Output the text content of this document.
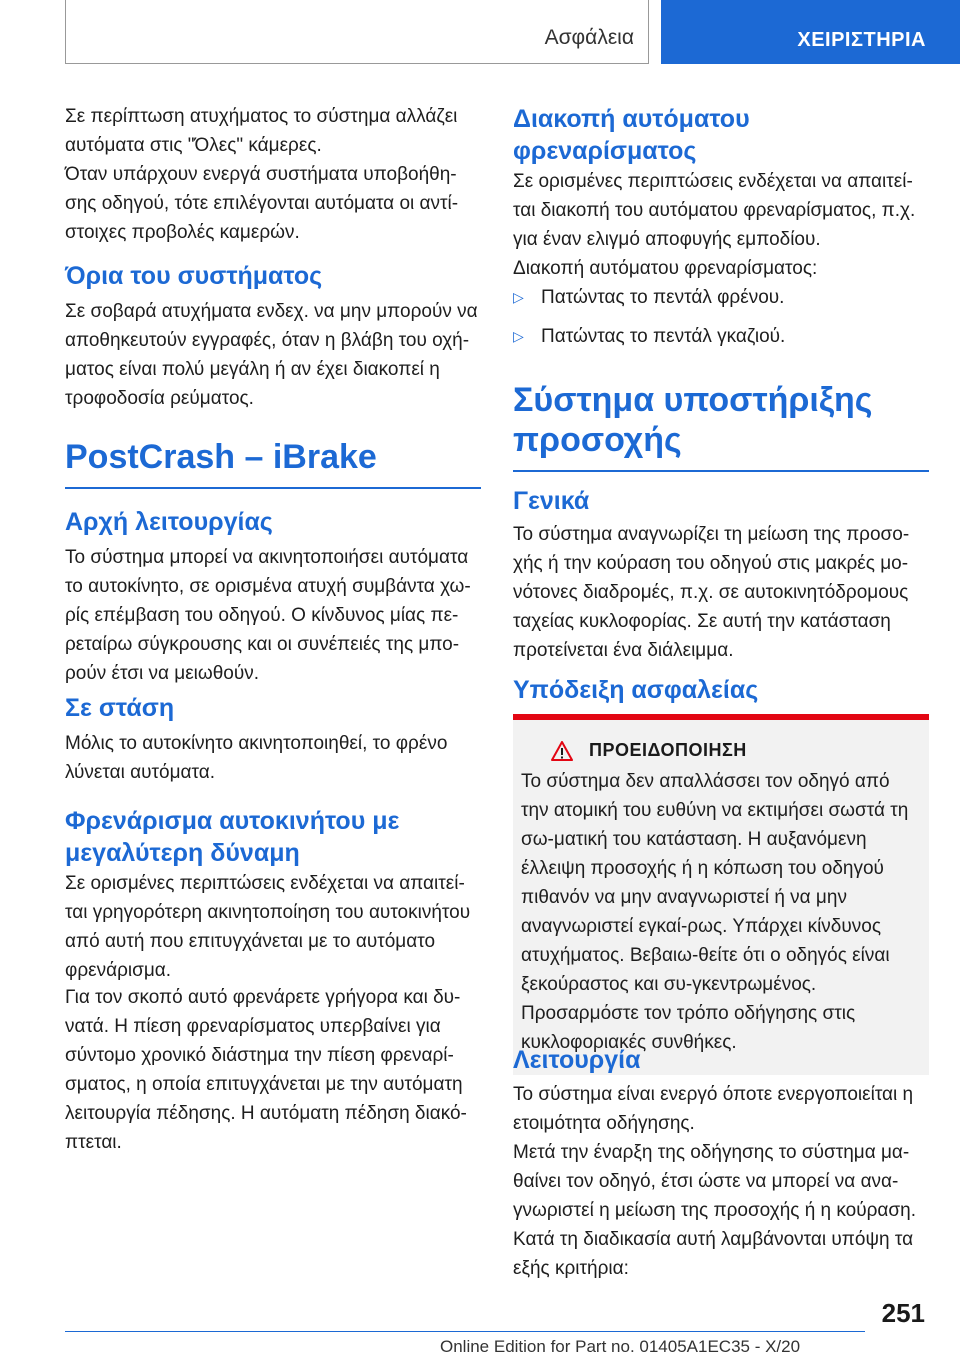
Ασφάλεια	ΧΕΙΡΙΣΤΗΡΙΑ

Σε περίπτωση ατυχήματος το σύστημα αλλάζει αυτόματα στις "Όλες" κάμερες.

Όταν υπάρχουν ενεργά συστήματα υποβοήθη-σης οδηγού, τότε επιλέγονται αυτόματα οι αντί-στοιχες προβολές καμερών.

Όρια του συστήματος

Σε σοβαρά ατυχήματα ενδεχ. να μην μπορούν να αποθηκευτούν εγγραφές, όταν η βλάβη του οχή-ματος είναι πολύ μεγάλη ή αν έχει διακοπεί η τροφοδοσία ρεύματος.

PostCrash – iBrake
Αρχή λειτουργίας

Το σύστημα μπορεί να ακινητοποιήσει αυτόματα το αυτοκίνητο, σε ορισμένα ατυχή συμβάντα χω-ρίς επέμβαση του οδηγού. Ο κίνδυνος μίας πε-ρεταίρω σύγκρουσης και οι συνέπειές της μπο-ρούν έτσι να μειωθούν.

Σε στάση

Μόλις το αυτοκίνητο ακινητοποιηθεί, το φρένο λύνεται αυτόματα.

Φρενάρισμα αυτοκινήτου με μεγαλύτερη δύναμη

Σε ορισμένες περιπτώσεις ενδέχεται να απαιτεί-ται γρηγορότερη ακινητοποίηση του αυτοκινήτου από αυτή που επιτυγχάνεται με το αυτόματο φρενάρισμα.

Για τον σκοπό αυτό φρενάρετε γρήγορα και δυ-νατά. Η πίεση φρεναρίσματος υπερβαίνει για σύντομο χρονικό διάστημα την πίεση φρεναρί-σματος, η οποία επιτυγχάνεται με την αυτόματη λειτουργία πέδησης. Η αυτόματη πέδηση διακό-πτεται.

Διακοπή αυτόματου φρεναρίσματος

Σε ορισμένες περιπτώσεις ενδέχεται να απαιτεί-ται διακοπή του αυτόματου φρεναρίσματος, π.χ. για έναν ελιγμό αποφυγής εμποδίου.

Διακοπή αυτόματου φρεναρίσματος:

▷ Πατώντας το πεντάλ φρένου.
▷ Πατώντας το πεντάλ γκαζιού.
Σύστημα υποστήριξης προσοχής
Γενικά

Το σύστημα αναγνωρίζει τη μείωση της προσο-χής ή την κούραση του οδηγού στις μακρές μο-νότονες διαδρομές, π.χ. σε αυτοκινητόδρομους ταχείας κυκλοφορίας. Σε αυτή την κατάσταση προτείνεται ένα διάλειμμα.

Υπόδειξη ασφαλείας
ΠΡΟΕΙΔΟΠΟΙΗΣΗ

Το σύστημα δεν απαλλάσσει τον οδηγό από την ατομική του ευθύνη να εκτιμήσει σωστά τη σω-ματική του κατάσταση. Η αυξανόμενη έλλειψη προσοχής ή η κόπωση του οδηγού πιθανόν να μην αναγνωριστεί ή να μην αναγνωριστεί εγκαί-ρως. Υπάρχει κίνδυνος ατυχήματος. Βεβαιω-θείτε ότι ο οδηγός είναι ξεκούραστος και συ-γκεντρωμένος. Προσαρμόστε τον τρόπο οδήγησης στις κυκλοφοριακές συνθήκες.

Λειτουργία

Το σύστημα είναι ενεργό όποτε ενεργοποιείται η ετοιμότητα οδήγησης.

Μετά την έναρξη της οδήγησης το σύστημα μα-θαίνει τον οδηγό, έτσι ώστε να μπορεί να ανα-γνωριστεί η μείωση της προσοχής ή η κούραση.

Κατά τη διαδικασία αυτή λαμβάνονται υπόψη τα εξής κριτήρια:

251
Online Edition for Part no. 01405A1EC35 - X/20
